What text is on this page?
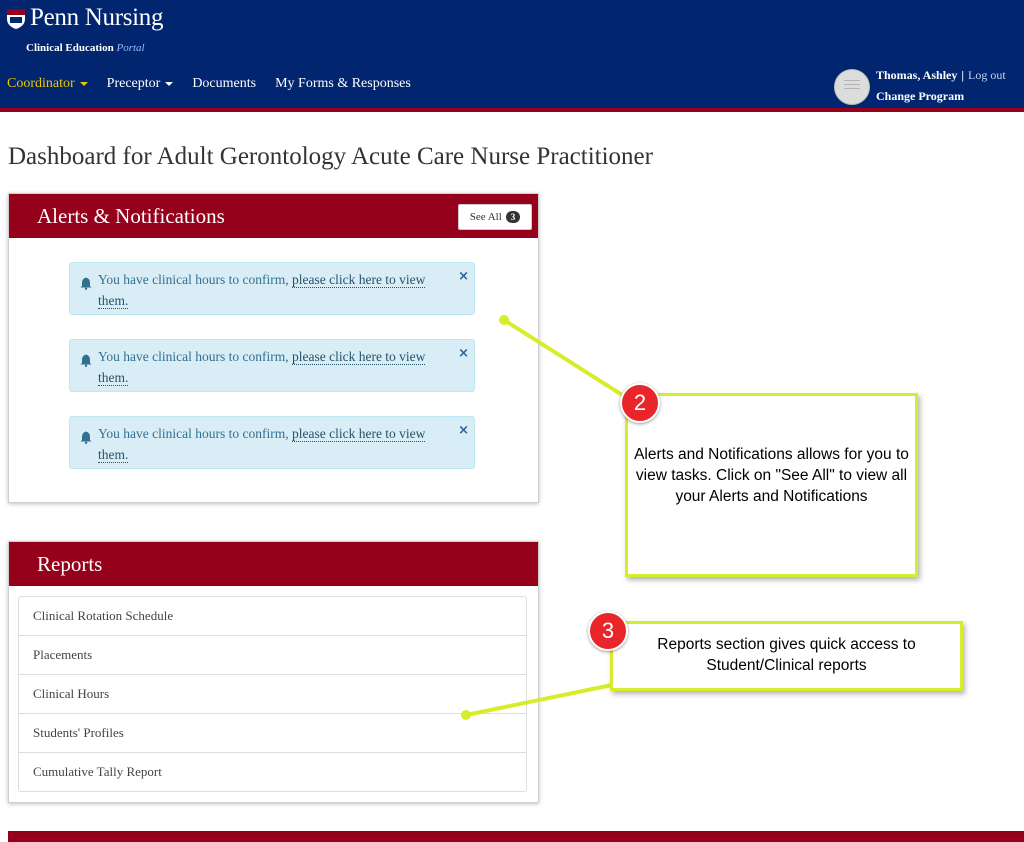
Penn Nursing
Clinical Education Portal
Coordinator	Preceptor	Documents My Forms & Responses
Thomas, Ashley | Log out
Change Program
Dashboard for Adult Gerontology Acute Care Nurse Practitioner
Alerts & Notifications	See All	3
You have clinical hours to confirm, please click here to view them.
×
You have clinical hours to confirm, please click here to view them.
×
You have clinical hours to confirm, please click here to view them.
×
Reports
Clinical Rotation Schedule
Placements
Clinical Hours
Students' Profiles
Cumulative Tally Report
Alerts and Notifications allows for you to view tasks. Click on "See All" to view all your Alerts and Notifications
2
Reports section gives quick access to Student/Clinical reports
3
